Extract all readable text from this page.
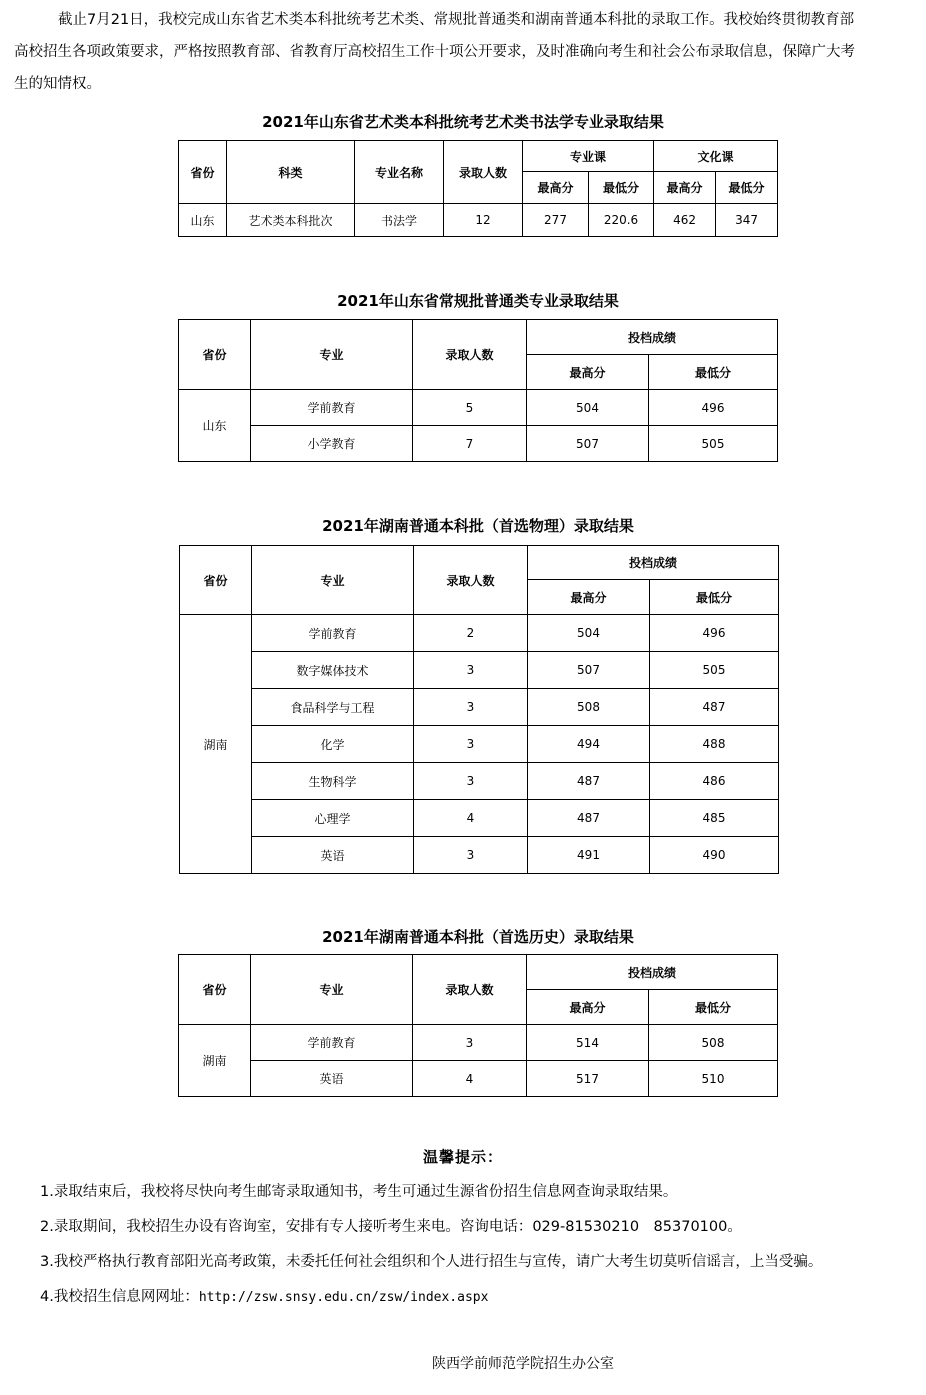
截止7月21日，我校完成山东省艺术类本科批统考艺术类、常规批普通类和湖南普通本科批的录取工作。我校始终贯彻教育部
高校招生各项政策要求，严格按照教育部、省教育厅高校招生工作十项公开要求，及时准确向考生和社会公布录取信息，保障广大考
生的知情权。
2021年山东省艺术类本科批统考艺术类书法学专业录取结果
省份	科类	专业名称	录取人数	专业课		文化课	
				最高分	最低分	最高分	最低分
山东	艺术类本科批次	书法学	12	277	220.6	462	347
2021年山东省常规批普通类专业录取结果
省份	专业	录取人数	投档成绩	
			最高分	最低分
山东	学前教育	5	504	496
	小学教育	7	507	505
2021年湖南普通本科批（首选物理）录取结果
省份	专业	录取人数	投档成绩	
			最高分	最低分
湖南	学前教育	2	504	496
	数字媒体技术	3	507	505
	食品科学与工程	3	508	487
	化学	3	494	488
	生物科学	3	487	486
	心理学	4	487	485
	英语	3	491	490
2021年湖南普通本科批（首选历史）录取结果
省份	专业	录取人数	投档成绩	
			最高分	最低分
湖南	学前教育	3	514	508
	英语	4	517	510
温馨提示：
1.录取结束后，我校将尽快向考生邮寄录取通知书，考生可通过生源省份招生信息网查询录取结果。
2.录取期间，我校招生办设有咨询室，安排有专人接听考生来电。咨询电话：029-81530210　85370100。
3.我校严格执行教育部阳光高考政策，未委托任何社会组织和个人进行招生与宣传，请广大考生切莫听信谣言，上当受骗。
4.我校招生信息网网址：http://zsw.snsy.edu.cn/zsw/index.aspx
陕西学前师范学院招生办公室
